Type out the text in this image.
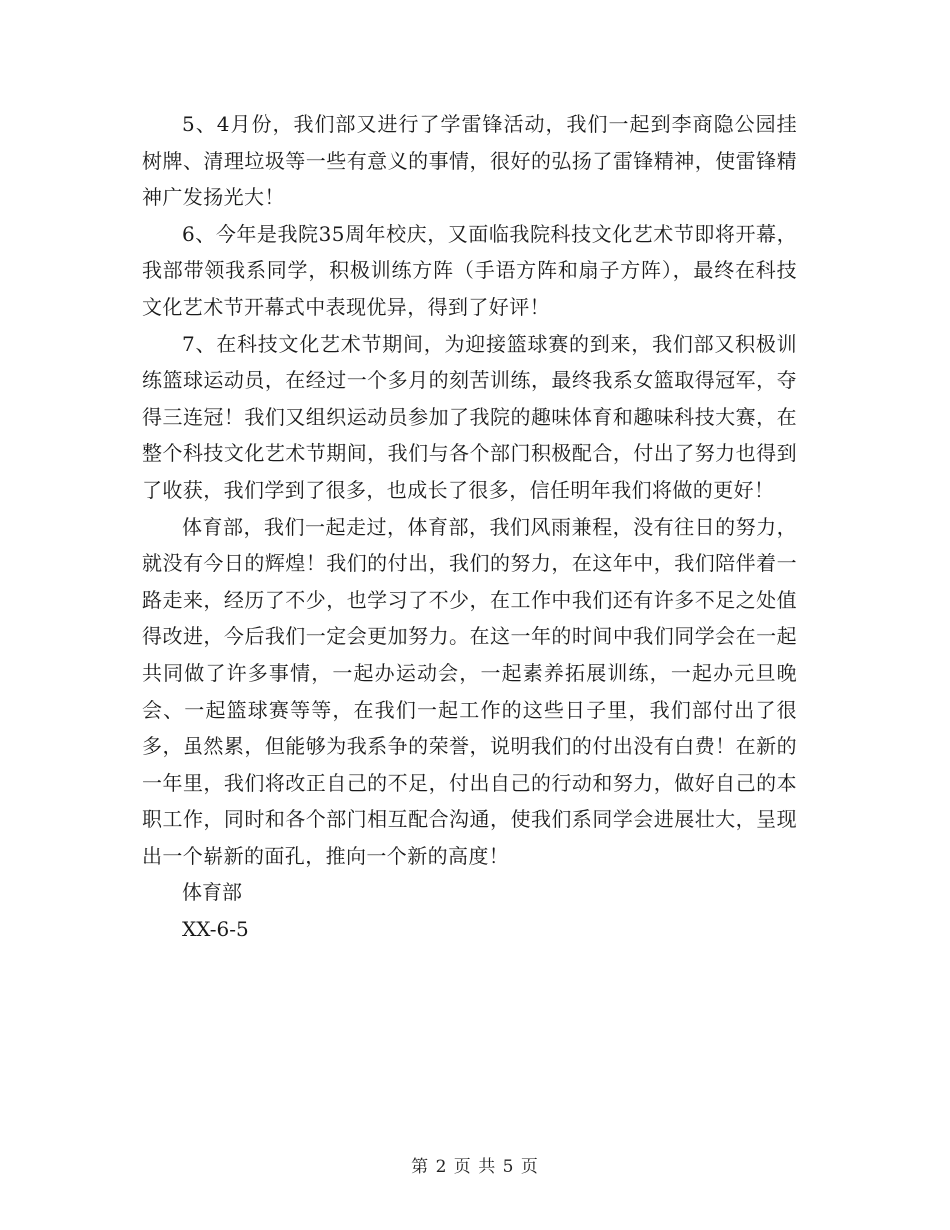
5、4月份，我们部又进行了学雷锋活动，我们一起到李商隐公园挂树牌、清理垃圾等一些有意义的事情，很好的弘扬了雷锋精神，使雷锋精神广发扬光大！

6、今年是我院35周年校庆，又面临我院科技文化艺术节即将开幕，我部带领我系同学，积极训练方阵（手语方阵和扇子方阵），最终在科技文化艺术节开幕式中表现优异，得到了好评！

7、在科技文化艺术节期间，为迎接篮球赛的到来，我们部又积极训练篮球运动员，在经过一个多月的刻苦训练，最终我系女篮取得冠军，夺得三连冠！我们又组织运动员参加了我院的趣味体育和趣味科技大赛，在整个科技文化艺术节期间，我们与各个部门积极配合，付出了努力也得到了收获，我们学到了很多，也成长了很多，信任明年我们将做的更好！

体育部，我们一起走过，体育部，我们风雨兼程，没有往日的努力，就没有今日的辉煌！我们的付出，我们的努力，在这年中，我们陪伴着一路走来，经历了不少，也学习了不少，在工作中我们还有许多不足之处值得改进，今后我们一定会更加努力。在这一年的时间中我们同学会在一起共同做了许多事情，一起办运动会，一起素养拓展训练，一起办元旦晚会、一起篮球赛等等，在我们一起工作的这些日子里，我们部付出了很多，虽然累，但能够为我系争的荣誉，说明我们的付出没有白费！在新的一年里，我们将改正自己的不足，付出自己的行动和努力，做好自己的本职工作，同时和各个部门相互配合沟通，使我们系同学会进展壮大，呈现出一个崭新的面孔，推向一个新的高度！

体育部

XX-6-5

第 2 页 共 5 页
